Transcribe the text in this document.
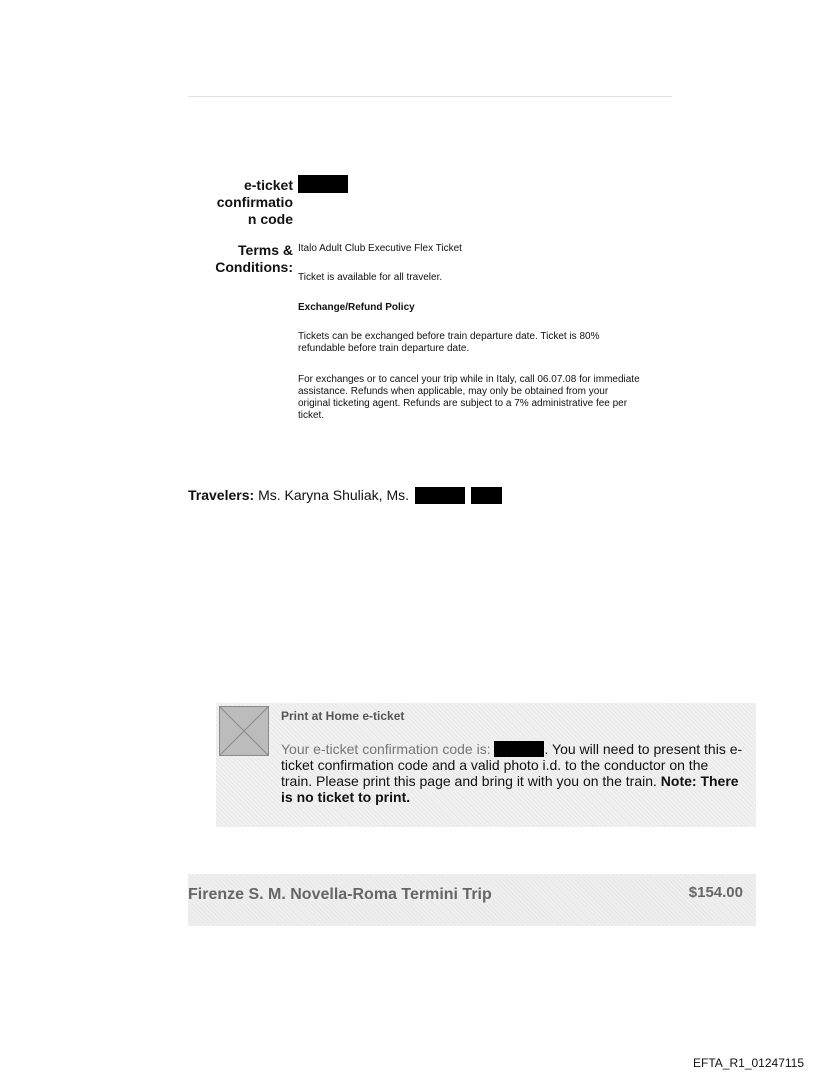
e-ticket
confirmatio
n code
Terms &
Conditions:
Italo Adult Club Executive Flex Ticket
Ticket is available for all traveler.
Exchange/Refund Policy
Tickets can be exchanged before train departure date. Ticket is 80%
refundable before train departure date.
For exchanges or to cancel your trip while in Italy, call 06.07.08 for immediate
assistance. Refunds when applicable, may only be obtained from your
original ticketing agent. Refunds are subject to a 7% administrative fee per
ticket.
Travelers: Ms. Karyna Shuliak, Ms.
Print at Home e-ticket
Your e-ticket confirmation code is:	. You will need to present this e-
ticket confirmation code and a valid photo i.d. to the conductor on the
train. Please print this page and bring it with you on the train. Note: There
is no ticket to print.
Firenze S. M. Novella-Roma Termini Trip	$154.00
EFTA_R1_01247115
